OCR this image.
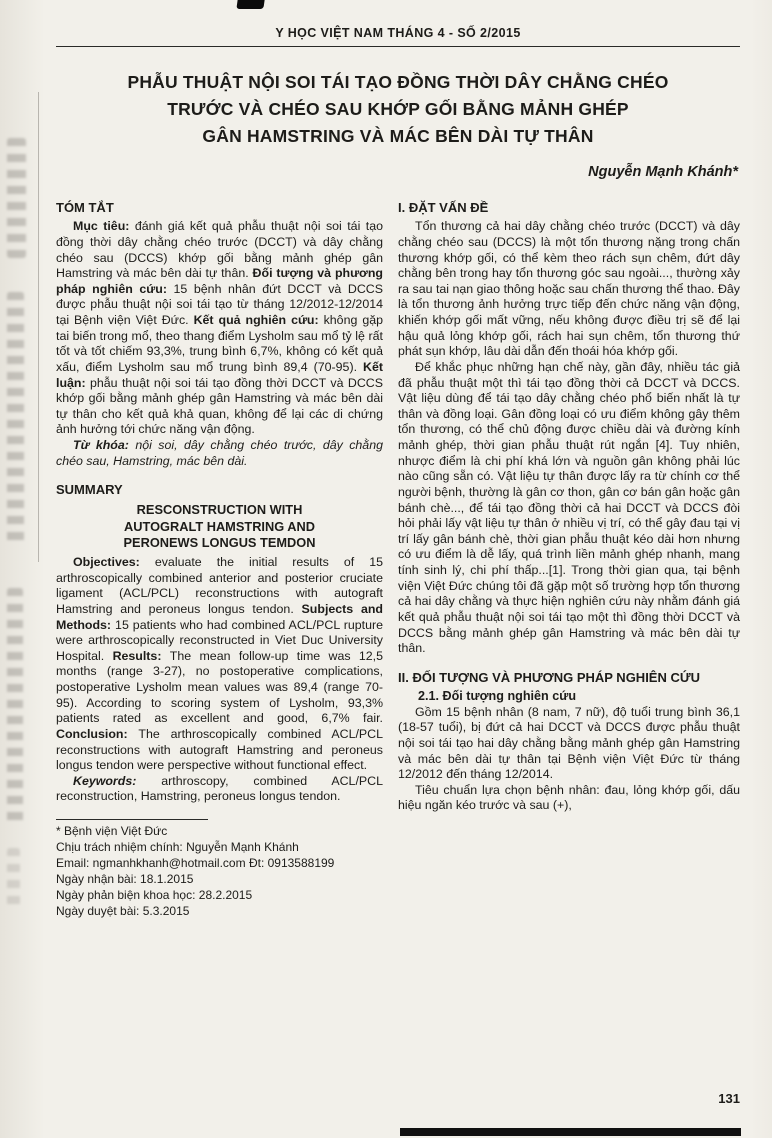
Y HỌC VIỆT NAM THÁNG 4 - SỐ 2/2015
PHẪU THUẬT NỘI SOI TÁI TẠO ĐỒNG THỜI DÂY CHẰNG CHÉO
TRƯỚC VÀ CHÉO SAU KHỚP GỐI BẰNG MẢNH GHÉP
GÂN HAMSTRING VÀ MÁC BÊN DÀI TỰ THÂN
Nguyễn Mạnh Khánh*
TÓM TẮT

Mục tiêu: đánh giá kết quả phẫu thuật nội soi tái tạo đồng thời dây chằng chéo trước (DCCT) và dây chằng chéo sau (DCCS) khớp gối bằng mảnh ghép gân Hamstring và mác bên dài tự thân. Đối tượng và phương pháp nghiên cứu: 15 bệnh nhân đứt DCCT và DCCS được phẫu thuật nội soi tái tạo từ tháng 12/2012-12/2014 tại Bệnh viện Việt Đức. Kết quả nghiên cứu: không gặp tai biến trong mổ, theo thang điểm Lysholm sau mổ tỷ lệ rất tốt và tốt chiếm 93,3%, trung bình 6,7%, không có kết quả xấu, điểm Lysholm sau mổ trung bình 89,4 (70-95). Kết luận: phẫu thuật nội soi tái tạo đồng thời DCCT và DCCS khớp gối bằng mảnh ghép gân Hamstring và mác bên dài tự thân cho kết quả khả quan, không để lại các di chứng ảnh hưởng tới chức năng vận động.

Từ khóa: nội soi, dây chằng chéo trước, dây chằng chéo sau, Hamstring, mác bên dài.

SUMMARY
RESCONSTRUCTION WITH
AUTOGRALT HAMSTRING AND
PERONEWS LONGUS TEMDON

Objectives: evaluate the initial results of 15 arthroscopically combined anterior and posterior cruciate ligament (ACL/PCL) reconstructions with autograft Hamstring and peroneus longus tendon. Subjects and Methods: 15 patients who had combined ACL/PCL rupture were arthroscopically reconstructed in Viet Duc University Hospital. Results: The mean follow-up time was 12,5 months (range 3-27), no postoperative complications, postoperative Lysholm mean values was 89,4 (range 70-95). According to scoring system of Lysholm, 93,3% patients rated as excellent and good, 6,7% fair. Conclusion: The arthroscopically combined ACL/PCL reconstructions with autograft Hamstring and peroneus longus tendon were perspective without functional effect.

Keywords: arthroscopy, combined ACL/PCL reconstruction, Hamstring, peroneus longus tendon.

* Bệnh viện Việt Đức
Chịu trách nhiệm chính: Nguyễn Mạnh Khánh
Email: ngmanhkhanh@hotmail.com Đt: 0913588199
Ngày nhận bài: 18.1.2015
Ngày phản biện khoa học: 28.2.2015
Ngày duyệt bài: 5.3.2015
I. ĐẶT VẤN ĐỀ

Tổn thương cả hai dây chằng chéo trước (DCCT) và dây chằng chéo sau (DCCS) là một tổn thương nặng trong chấn thương khớp gối, có thể kèm theo rách sụn chêm, đứt dây chằng bên trong hay tổn thương góc sau ngoài..., thường xảy ra sau tai nạn giao thông hoặc sau chấn thương thể thao. Đây là tổn thương ảnh hưởng trực tiếp đến chức năng vận động, khiến khớp gối mất vững, nếu không được điều trị sẽ để lại hậu quả lỏng khớp gối, rách hai sụn chêm, tổn thương thứ phát sụn khớp, lâu dài dẫn đến thoái hóa khớp gối.

Để khắc phục những hạn chế này, gần đây, nhiều tác giả đã phẫu thuật một thì tái tạo đồng thời cả DCCT và DCCS. Vật liệu dùng để tái tạo dây chằng chéo phổ biến nhất là tự thân và đồng loại. Gân đồng loại có ưu điểm không gây thêm tổn thương, có thể chủ động được chiều dài và đường kính mảnh ghép, thời gian phẫu thuật rút ngắn [4]. Tuy nhiên, nhược điểm là chi phí khá lớn và nguồn gân không phải lúc nào cũng sẵn có. Vật liệu tự thân được lấy ra từ chính cơ thể người bệnh, thường là gân cơ thon, gân cơ bán gân hoặc gân bánh chè..., để tái tạo đồng thời cả hai DCCT và DCCS đòi hỏi phải lấy vật liệu tự thân ở nhiều vị trí, có thể gây đau tại vị trí lấy gân bánh chè, thời gian phẫu thuật kéo dài hơn nhưng có ưu điểm là dễ lấy, quá trình liền mảnh ghép nhanh, mang tính sinh lý, chi phí thấp...[1]. Trong thời gian qua, tại bệnh viện Việt Đức chúng tôi đã gặp một số trường hợp tổn thương cả hai dây chằng và thực hiện nghiên cứu này nhằm đánh giá kết quả phẫu thuật nội soi tái tạo một thì đồng thời DCCT và DCCS bằng mảnh ghép gân Hamstring và mác bên dài tự thân.

II. ĐỐI TƯỢNG VÀ PHƯƠNG PHÁP NGHIÊN CỨU
2.1. Đối tượng nghiên cứu

Gồm 15 bệnh nhân (8 nam, 7 nữ), độ tuổi trung bình 36,1 (18-57 tuổi), bị đứt cả hai DCCT và DCCS được phẫu thuật nội soi tái tạo hai dây chằng bằng mảnh ghép gân Hamstring và mác bên dài tự thân tại Bệnh viện Việt Đức từ tháng 12/2012 đến tháng 12/2014.

Tiêu chuẩn lựa chọn bệnh nhân: đau, lỏng khớp gối, dấu hiệu ngăn kéo trước và sau (+),

131
